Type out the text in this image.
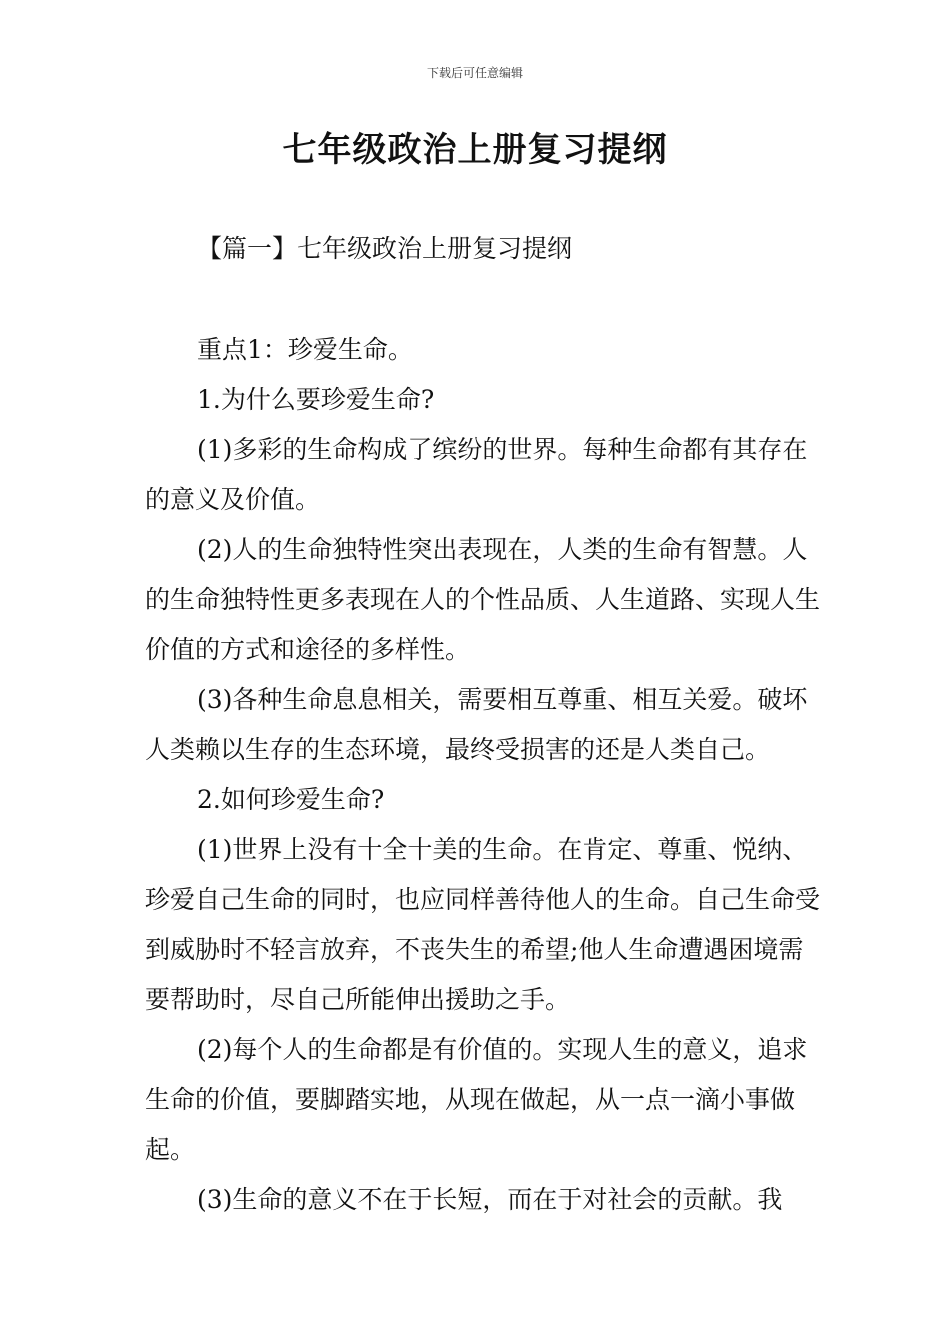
下载后可任意编辑
七年级政治上册复习提纲
【篇一】七年级政治上册复习提纲

重点1：珍爱生命。

1.为什么要珍爱生命?

(1)多彩的生命构成了缤纷的世界。每种生命都有其存在的意义及价值。

(2)人的生命独特性突出表现在，人类的生命有智慧。人的生命独特性更多表现在人的个性品质、人生道路、实现人生价值的方式和途径的多样性。

(3)各种生命息息相关，需要相互尊重、相互关爱。破坏人类赖以生存的生态环境，最终受损害的还是人类自己。

2.如何珍爱生命?

(1)世界上没有十全十美的生命。在肯定、尊重、悦纳、珍爱自己生命的同时，也应同样善待他人的生命。自己生命受到威胁时不轻言放弃，不丧失生的希望;他人生命遭遇困境需要帮助时，尽自己所能伸出援助之手。

(2)每个人的生命都是有价值的。实现人生的意义，追求生命的价值，要脚踏实地，从现在做起，从一点一滴小事做起。

(3)生命的意义不在于长短，而在于对社会的贡献。我
